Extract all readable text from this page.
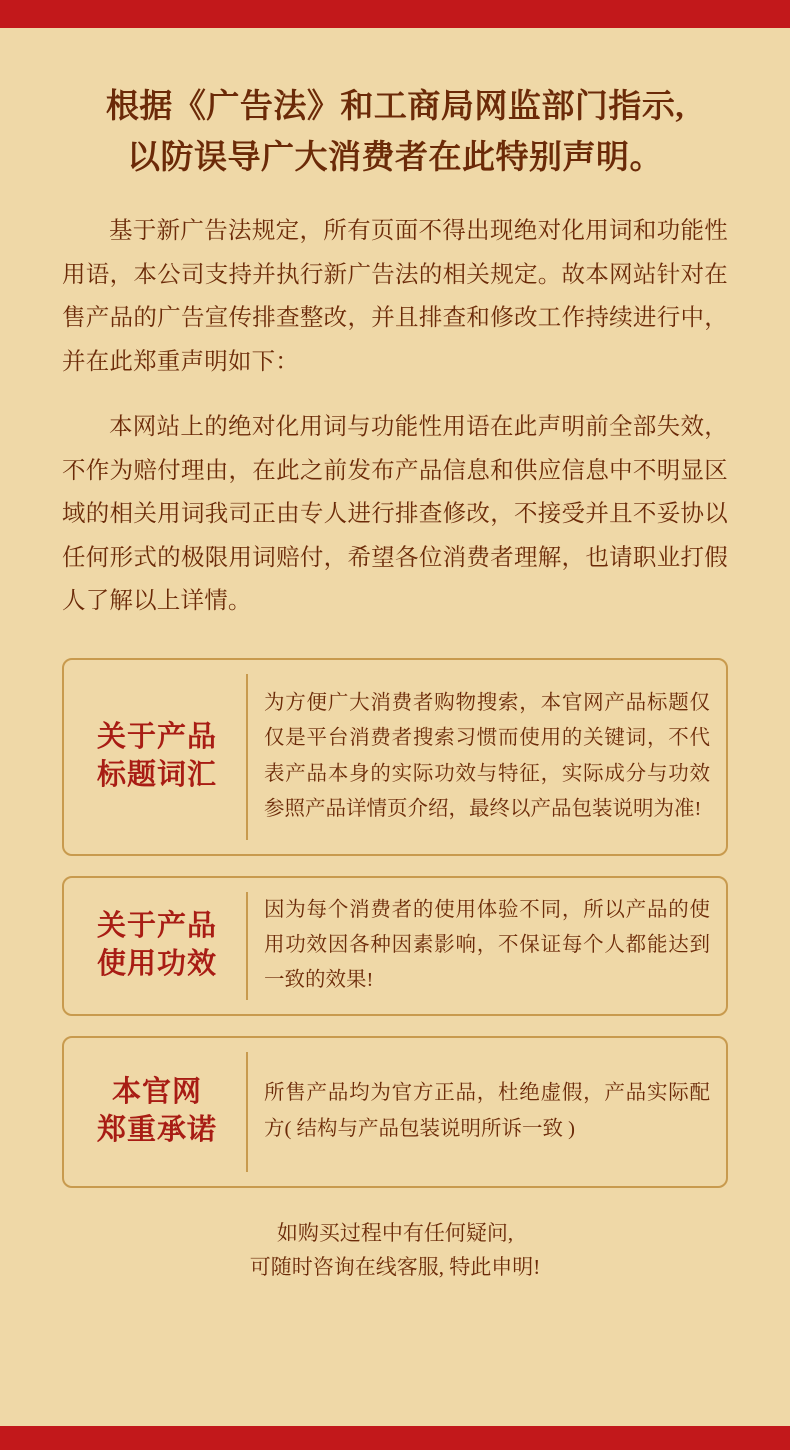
根据《广告法》和工商局网监部门指示,
以防误导广大消费者在此特别声明。

基于新广告法规定，所有页面不得出现绝对化用词和功能性用语，本公司支持并执行新广告法的相关规定。故本网站针对在售产品的广告宣传排查整改，并且排查和修改工作持续进行中，并在此郑重声明如下：

本网站上的绝对化用词与功能性用语在此声明前全部失效，不作为赔付理由，在此之前发布产品信息和供应信息中不明显区域的相关用词我司正由专人进行排查修改，不接受并且不妥协以任何形式的极限用词赔付，希望各位消费者理解，也请职业打假人了解以上详情。

关于产品
标题词汇
为方便广大消费者购物搜索，本官网产品标题仅仅是平台消费者搜索习惯而使用的关键词，不代表产品本身的实际功效与特征，实际成分与功效参照产品详情页介绍，最终以产品包装说明为准!
关于产品
使用功效
因为每个消费者的使用体验不同，所以产品的使用功效因各种因素影响，不保证每个人都能达到一致的效果!
本官网
郑重承诺
所售产品均为官方正品，杜绝虚假，产品实际配方( 结构与产品包装说明所诉一致 )
如购买过程中有任何疑问,
可随时咨询在线客服, 特此申明!
